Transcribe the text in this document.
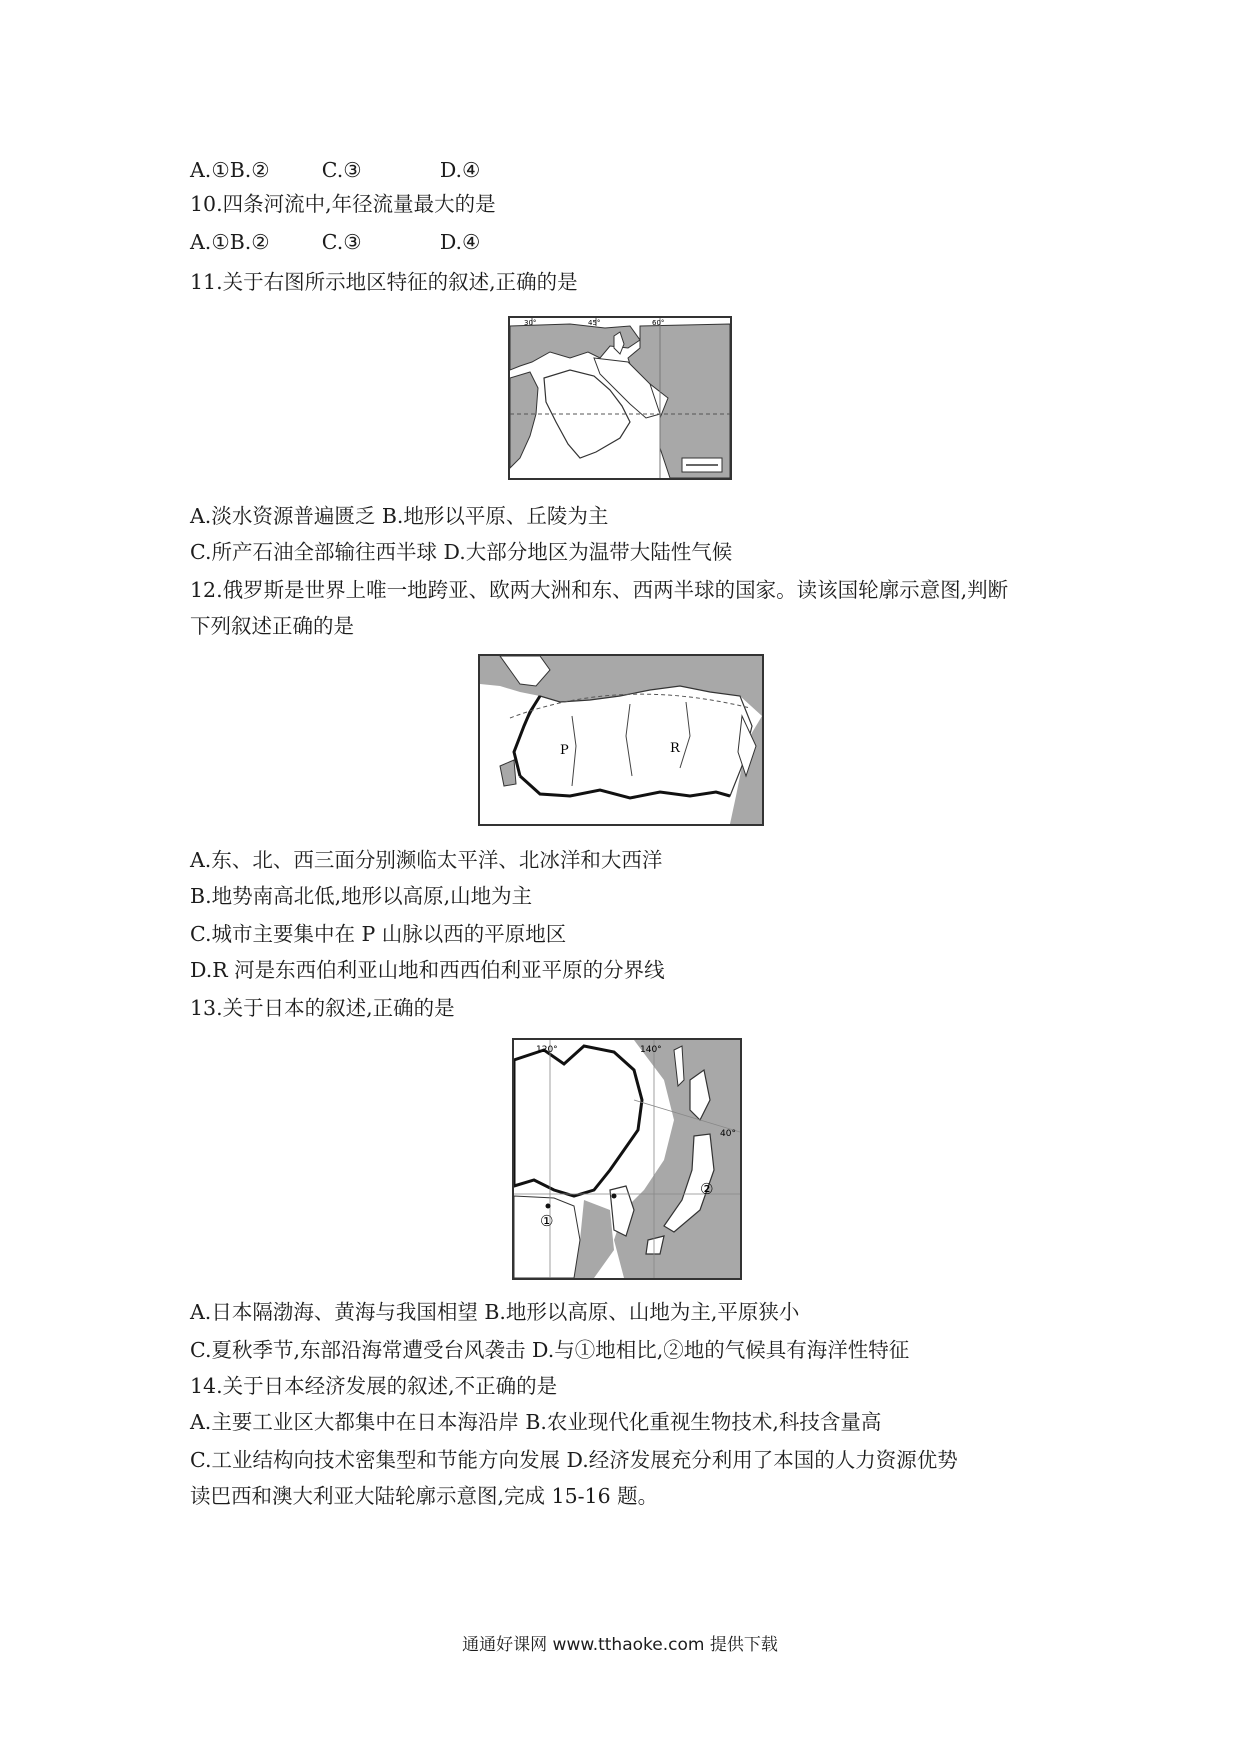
A.①B.②        C.③            D.④
10.四条河流中,年径流量最大的是
A.①B.②        C.③            D.④
11.关于右图所示地区特征的叙述,正确的是
30°	45°	60°
A.淡水资源普遍匮乏 B.地形以平原、丘陵为主
C.所产石油全部输往西半球 D.大部分地区为温带大陆性气候
12.俄罗斯是世界上唯一地跨亚、欧两大洲和东、西两半球的国家。读该国轮廓示意图,判断
下列叙述正确的是
P	R
A.东、北、西三面分别濒临太平洋、北冰洋和大西洋
B.地势南高北低,地形以高原,山地为主
C.城市主要集中在 P 山脉以西的平原地区
D.R 河是东西伯利亚山地和西西伯利亚平原的分界线
13.关于日本的叙述,正确的是
120°	140°
40°
①
②
A.日本隔渤海、黄海与我国相望 B.地形以高原、山地为主,平原狭小
C.夏秋季节,东部沿海常遭受台风袭击 D.与①地相比,②地的气候具有海洋性特征
14.关于日本经济发展的叙述,不正确的是
A.主要工业区大都集中在日本海沿岸 B.农业现代化重视生物技术,科技含量高
C.工业结构向技术密集型和节能方向发展 D.经济发展充分利用了本国的人力资源优势
读巴西和澳大利亚大陆轮廓示意图,完成 15-16 题。
通通好课网 www.tthaoke.com 提供下载
